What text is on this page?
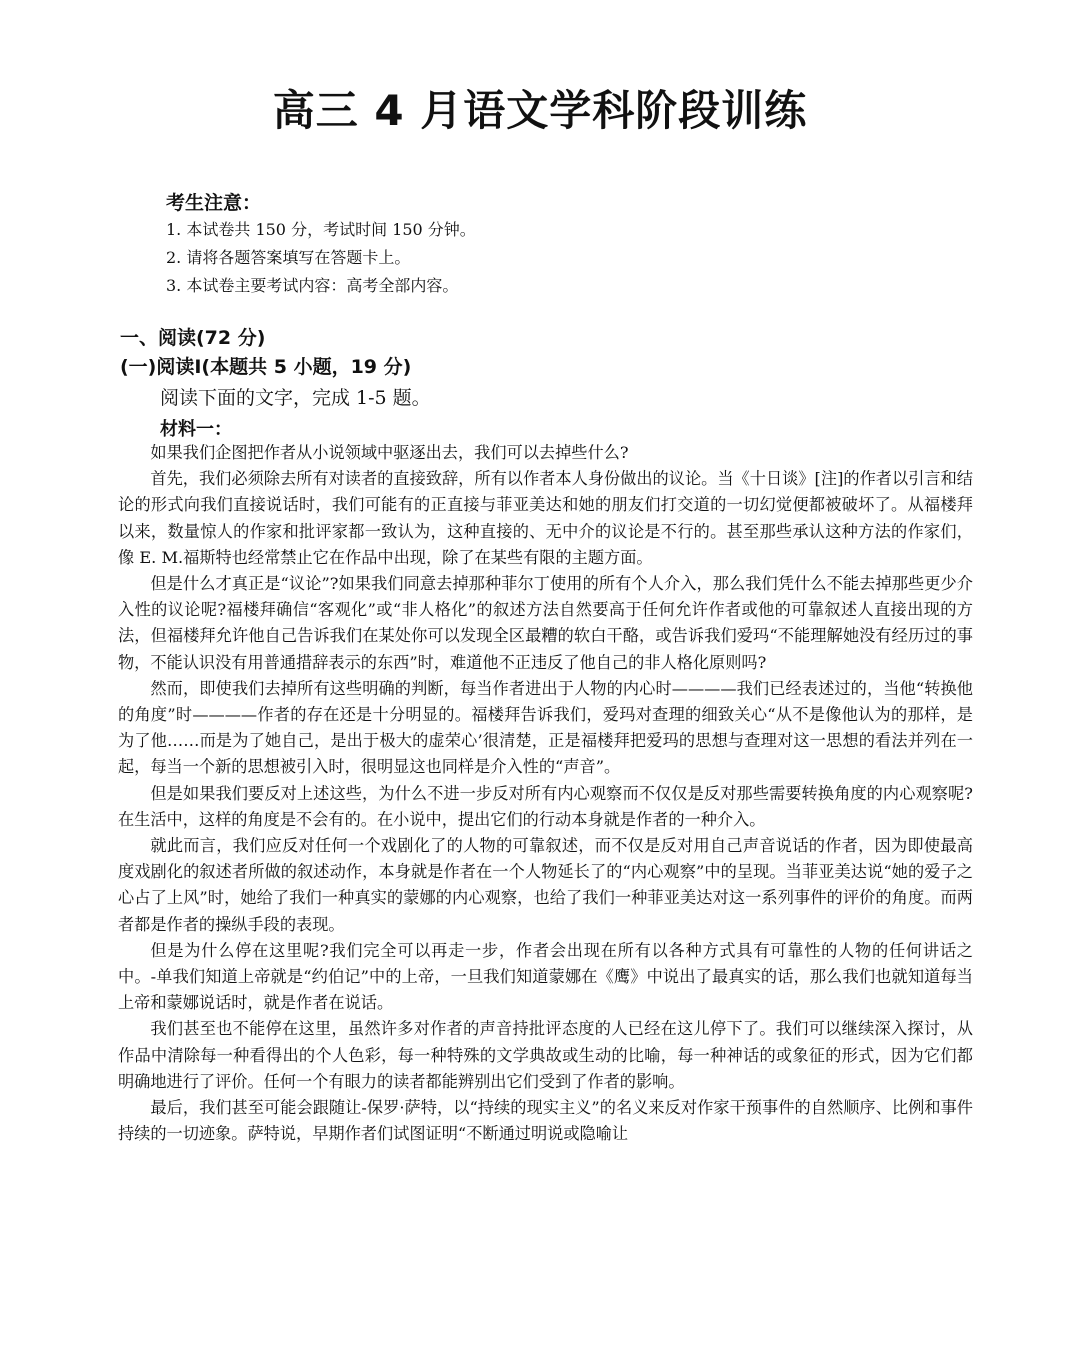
高三 4 月语文学科阶段训练
考生注意：
1. 本试卷共 150 分，考试时间 150 分钟。
2. 请将各题答案填写在答题卡上。
3. 本试卷主要考试内容：高考全部内容。
一、阅读(72 分)
(一)阅读Ⅰ(本题共 5 小题，19 分)
阅读下面的文字，完成 1-5 题。
材料一：

如果我们企图把作者从小说领域中驱逐出去，我们可以去掉些什么?

首先，我们必须除去所有对读者的直接致辞，所有以作者本人身份做出的议论。当《十日谈》[注]的作者以引言和结论的形式向我们直接说话时，我们可能有的正直接与菲亚美达和她的朋友们打交道的一切幻觉便都被破坏了。从福楼拜以来，数量惊人的作家和批评家都一致认为，这种直接的、无中介的议论是不行的。甚至那些承认这种方法的作家们，像 E. M.福斯特也经常禁止它在作品中出现，除了在某些有限的主题方面。

但是什么才真正是“议论”?如果我们同意去掉那种菲尔丁使用的所有个人介入，那么我们凭什么不能去掉那些更少介入性的议论呢?福楼拜确信“客观化”或“非人格化”的叙述方法自然要高于任何允许作者或他的可靠叙述人直接出现的方法，但福楼拜允许他自己告诉我们在某处你可以发现全区最糟的软白干酪，或告诉我们爱玛“不能理解她没有经历过的事物，不能认识没有用普通措辞表示的东西”时，难道他不正违反了他自己的非人格化原则吗?

然而，即使我们去掉所有这些明确的判断，每当作者进出于人物的内心时————我们已经表述过的，当他“转换他的角度”时————作者的存在还是十分明显的。福楼拜告诉我们，爱玛对查理的细致关心“从不是像他认为的那样，是为了他……而是为了她自己，是出于极大的虚荣心’很清楚，正是福楼拜把爱玛的思想与查理对这一思想的看法并列在一起，每当一个新的思想被引入时，很明显这也同样是介入性的“声音”。

但是如果我们要反对上述这些，为什么不进一步反对所有内心观察而不仅仅是反对那些需要转换角度的内心观察呢?在生活中，这样的角度是不会有的。在小说中，提出它们的行动本身就是作者的一种介入。

就此而言，我们应反对任何一个戏剧化了的人物的可靠叙述，而不仅是反对用自己声音说话的作者，因为即使最高度戏剧化的叙述者所做的叙述动作，本身就是作者在一个人物延长了的“内心观察”中的呈现。当菲亚美达说“她的爱子之心占了上风”时，她给了我们一种真实的蒙娜的内心观察，也给了我们一种菲亚美达对这一系列事件的评价的角度。而两者都是作者的操纵手段的表现。

但是为什么停在这里呢?我们完全可以再走一步，作者会出现在所有以各种方式具有可靠性的人物的任何讲话之中。-单我们知道上帝就是“约伯记”中的上帝，一旦我们知道蒙娜在《鹰》中说出了最真实的话，那么我们也就知道每当上帝和蒙娜说话时，就是作者在说话。

我们甚至也不能停在这里，虽然许多对作者的声音持批评态度的人已经在这儿停下了。我们可以继续深入探讨，从作品中清除每一种看得出的个人色彩，每一种特殊的文学典故或生动的比喻，每一种神话的或象征的形式，因为它们都明确地进行了评价。任何一个有眼力的读者都能辨别出它们受到了作者的影响。

最后，我们甚至可能会跟随让-保罗·萨特，以“持续的现实主义”的名义来反对作家干预事件的自然顺序、比例和事件持续的一切迹象。萨特说，早期作者们试图证明“不断通过明说或隐喻让
